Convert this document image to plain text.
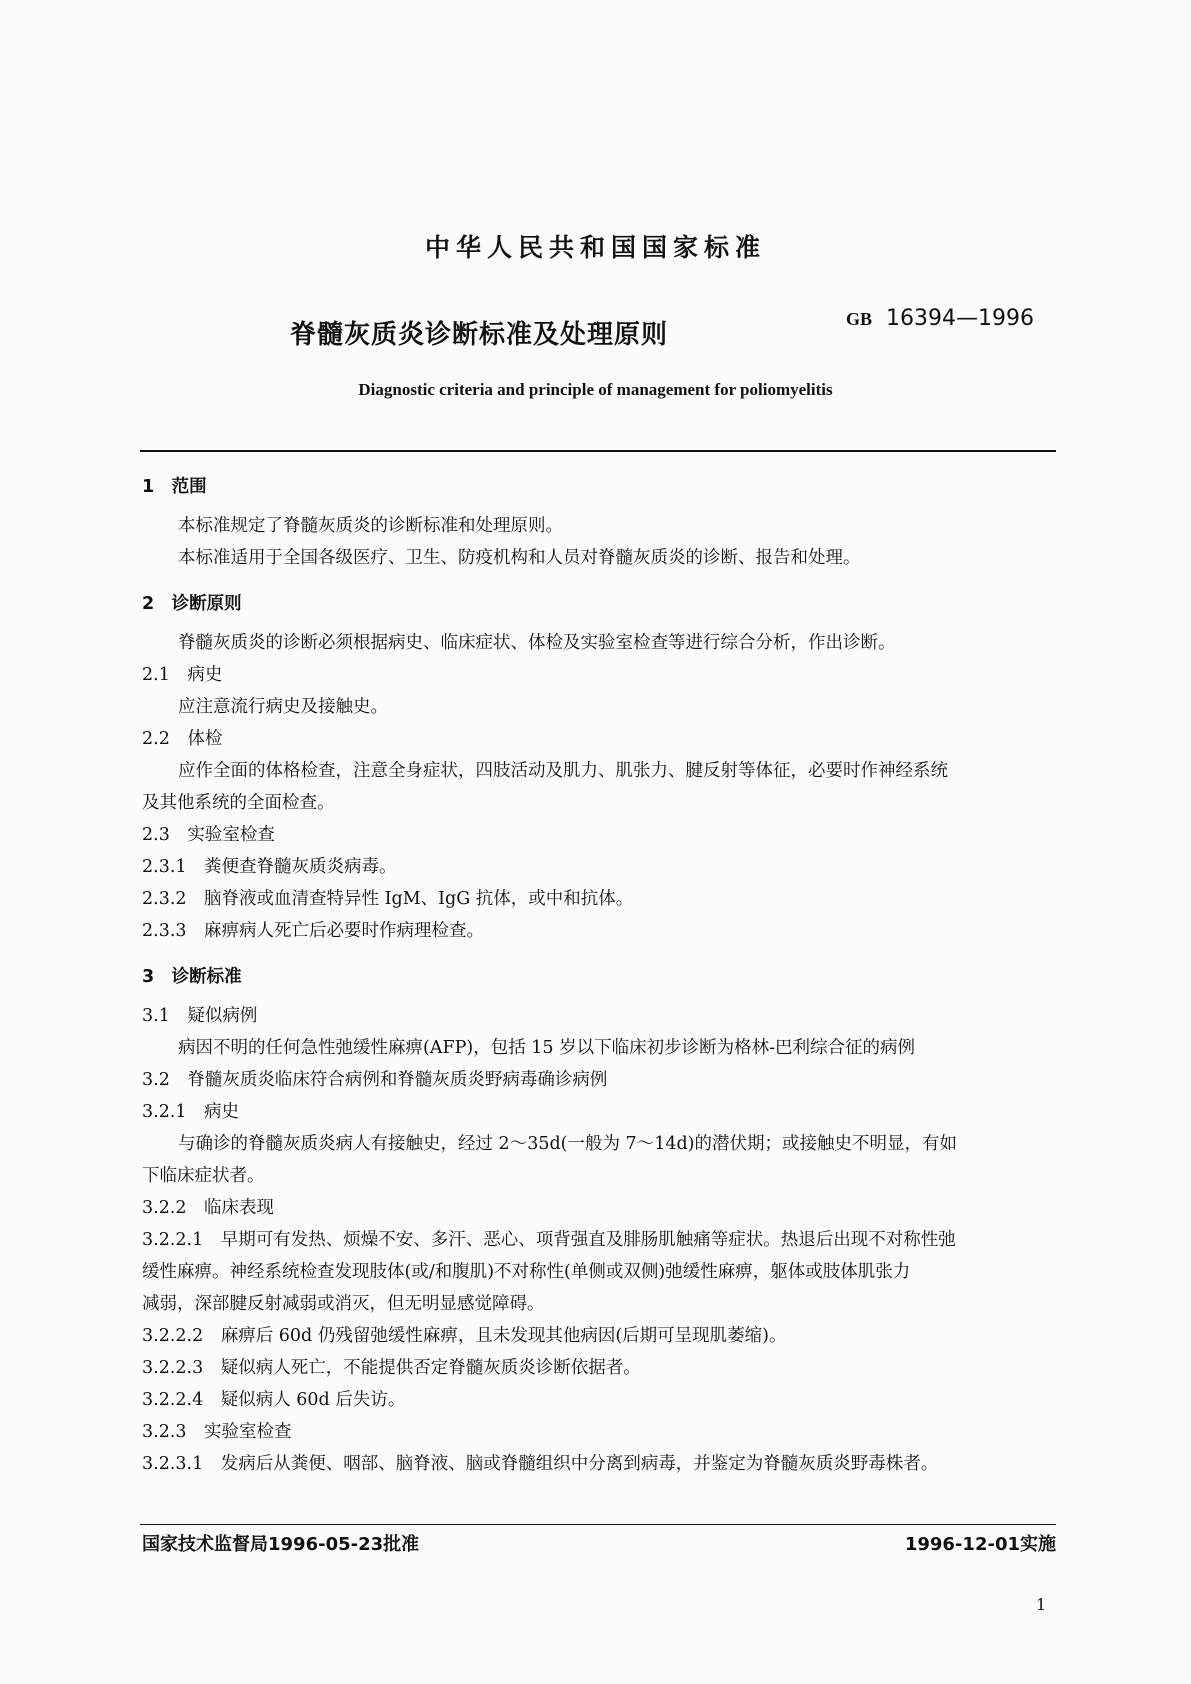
中华人民共和国国家标准
脊髓灰质炎诊断标准及处理原则
GB 16394—1996
Diagnostic criteria and principle of management for poliomyelitis
1　范围
本标准规定了脊髓灰质炎的诊断标准和处理原则。
本标准适用于全国各级医疗、卫生、防疫机构和人员对脊髓灰质炎的诊断、报告和处理。
2　诊断原则
脊髓灰质炎的诊断必须根据病史、临床症状、体检及实验室检查等进行综合分析，作出诊断。
2.1　病史
应注意流行病史及接触史。
2.2　体检
应作全面的体格检查，注意全身症状，四肢活动及肌力、肌张力、腱反射等体征，必要时作神经系统
及其他系统的全面检查。
2.3　实验室检查
2.3.1　粪便查脊髓灰质炎病毒。
2.3.2　脑脊液或血清查特异性 IgM、IgG 抗体，或中和抗体。
2.3.3　麻痹病人死亡后必要时作病理检查。
3　诊断标准
3.1　疑似病例
病因不明的任何急性弛缓性麻痹(AFP)，包括 15 岁以下临床初步诊断为格林-巴利综合征的病例
3.2　脊髓灰质炎临床符合病例和脊髓灰质炎野病毒确诊病例
3.2.1　病史
与确诊的脊髓灰质炎病人有接触史，经过 2～35d(一般为 7～14d)的潜伏期；或接触史不明显，有如
下临床症状者。
3.2.2　临床表现
3.2.2.1　早期可有发热、烦燥不安、多汗、恶心、项背强直及腓肠肌触痛等症状。热退后出现不对称性弛
缓性麻痹。神经系统检查发现肢体(或/和腹肌)不对称性(单侧或双侧)弛缓性麻痹，躯体或肢体肌张力
减弱，深部腱反射减弱或消灭，但无明显感觉障碍。
3.2.2.2　麻痹后 60d 仍残留弛缓性麻痹，且未发现其他病因(后期可呈现肌萎缩)。
3.2.2.3　疑似病人死亡，不能提供否定脊髓灰质炎诊断依据者。
3.2.2.4　疑似病人 60d 后失访。
3.2.3　实验室检查
3.2.3.1　发病后从粪便、咽部、脑脊液、脑或脊髓组织中分离到病毒，并鉴定为脊髓灰质炎野毒株者。
国家技术监督局1996-05-23批准	1996-12-01实施
1
